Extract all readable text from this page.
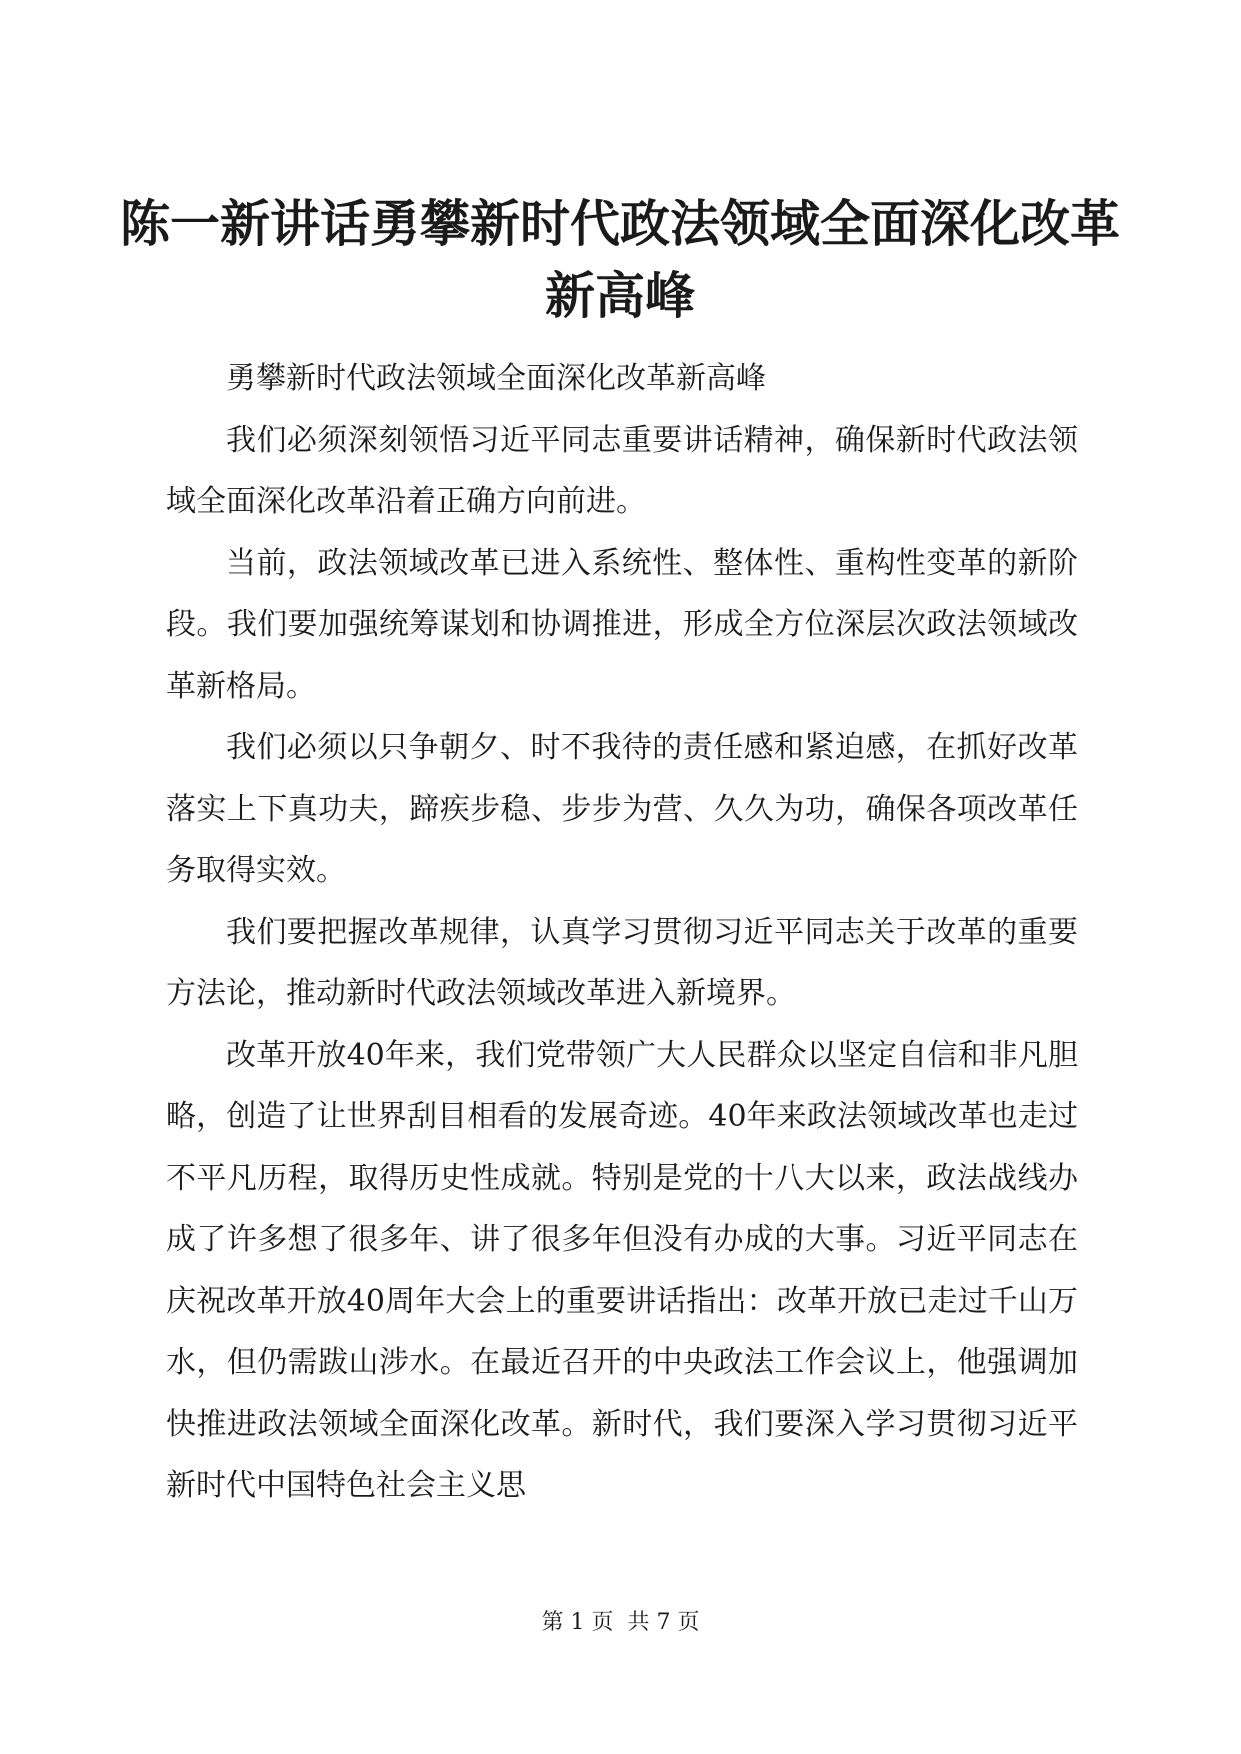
陈一新讲话勇攀新时代政法领域全面深化改革
新高峰

勇攀新时代政法领域全面深化改革新高峰

我们必须深刻领悟习近平同志重要讲话精神，确保新时代政法领域全面深化改革沿着正确方向前进。

当前，政法领域改革已进入系统性、整体性、重构性变革的新阶段。我们要加强统筹谋划和协调推进，形成全方位深层次政法领域改革新格局。

我们必须以只争朝夕、时不我待的责任感和紧迫感，在抓好改革落实上下真功夫，蹄疾步稳、步步为营、久久为功，确保各项改革任务取得实效。

我们要把握改革规律，认真学习贯彻习近平同志关于改革的重要方法论，推动新时代政法领域改革进入新境界。

改革开放40年来，我们党带领广大人民群众以坚定自信和非凡胆略，创造了让世界刮目相看的发展奇迹。40年来政法领域改革也走过不平凡历程，取得历史性成就。特别是党的十八大以来，政法战线办成了许多想了很多年、讲了很多年但没有办成的大事。习近平同志在庆祝改革开放40周年大会上的重要讲话指出：改革开放已走过千山万水，但仍需跋山涉水。在最近召开的中央政法工作会议上，他强调加快推进政法领域全面深化改革。新时代，我们要深入学习贯彻习近平新时代中国特色社会主义思

第 1 页  共 7 页
